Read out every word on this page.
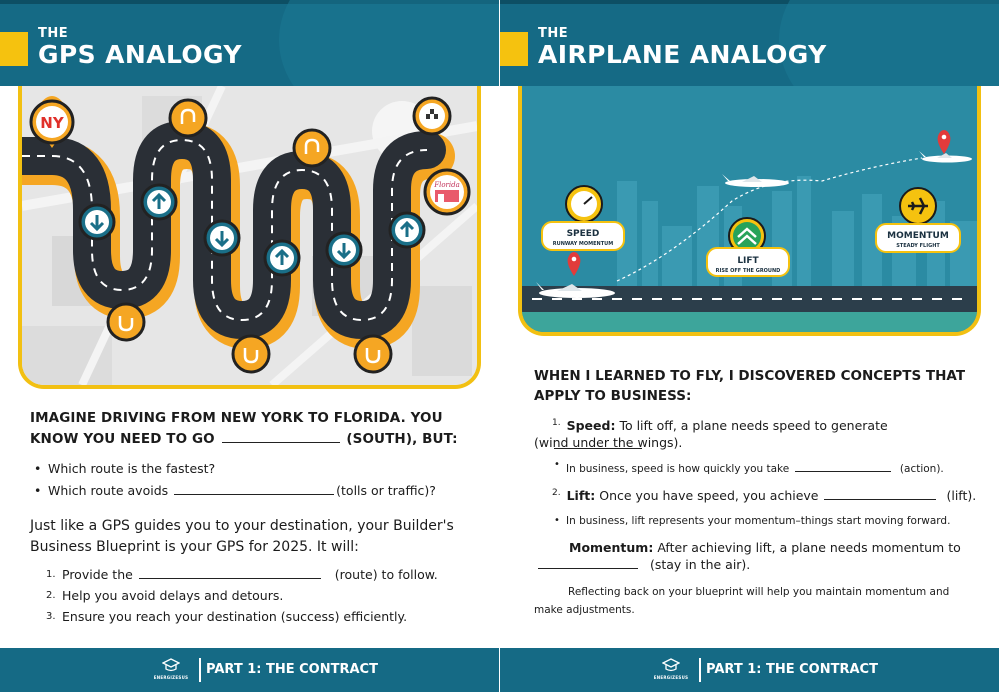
THE
GPS ANALOGY
NY
Florida
IMAGINE DRIVING FROM NEW YORK TO FLORIDA. YOU KNOW YOU NEED TO GO	(SOUTH), BUT:
• Which route is the fastest?
• Which route avoids	(tolls or traffic)?
Just like a GPS guides you to your destination, your Builder's Business Blueprint is your GPS for 2025. It will:
1. Provide the	(route) to follow.
2. Help you avoid delays and detours.
3. Ensure you reach your destination (success) efficiently.
ENERGIZESUS
PART 1: THE CONTRACT
THE
AIRPLANE ANALOGY
SPEED
RUNWAY MOMENTUM
LIFT
RISE OFF THE GROUND
MOMENTUM
STEADY FLIGHT
WHEN I LEARNED TO FLY, I DISCOVERED CONCEPTS THAT APPLY TO BUSINESS:
$^{1.}$ Speed: To lift off, a plane needs speed to generate
(wind under the wings).
• In business, speed is how quickly you take	(action).
$^{2.}$ Lift: Once you have speed, you achieve	(lift).
• In business, lift represents your momentum–things start moving forward.
Momentum: After achieving lift, a plane needs momentum to
(stay in the air).
Reflecting back on your blueprint will help you maintain momentum and make adjustments.
ENERGIZESUS
PART 1: THE CONTRACT
